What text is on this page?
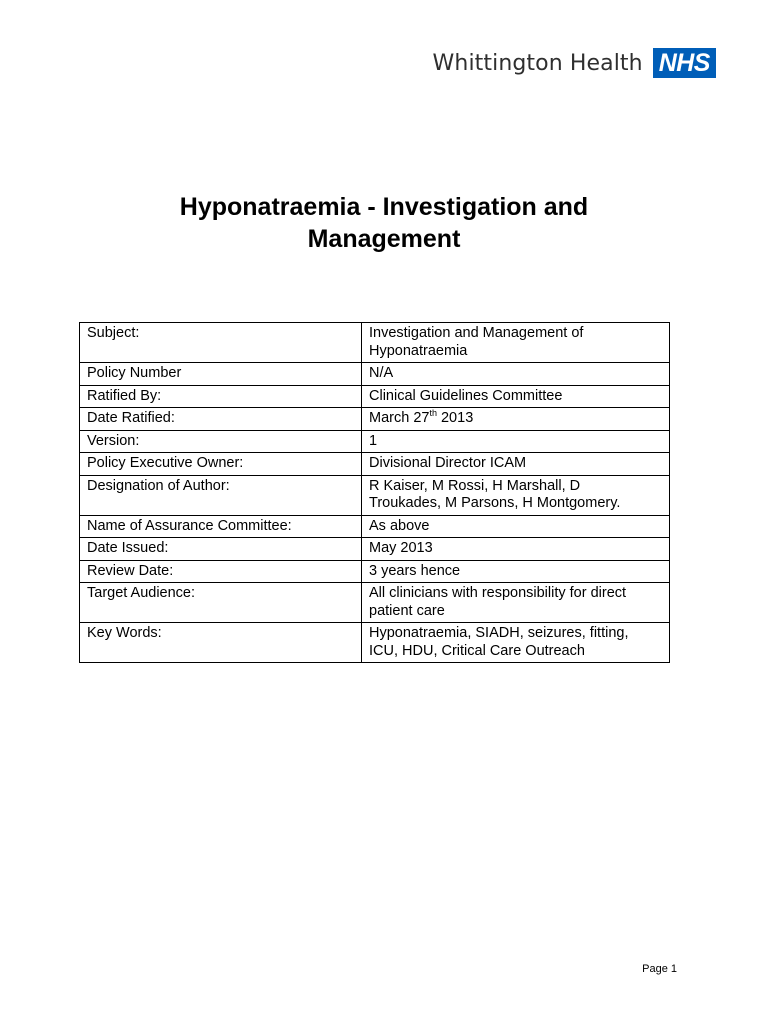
Whittington Health NHS
Hyponatraemia - Investigation and
Management
Subject:	Investigation and Management of
Hyponatraemia
Policy Number	N/A
Ratified By:	Clinical Guidelines Committee
Date Ratified:	March 27th 2013
Version:	1
Policy Executive Owner:	Divisional Director ICAM
Designation of Author:	R Kaiser, M Rossi, H Marshall, D
Troukades, M Parsons, H Montgomery.
Name of Assurance Committee:	As above
Date Issued:	May 2013
Review Date:	3 years hence
Target Audience:	All clinicians with responsibility for direct
patient care
Key Words:	Hyponatraemia, SIADH, seizures, fitting,
ICU, HDU, Critical Care Outreach
Page 1
